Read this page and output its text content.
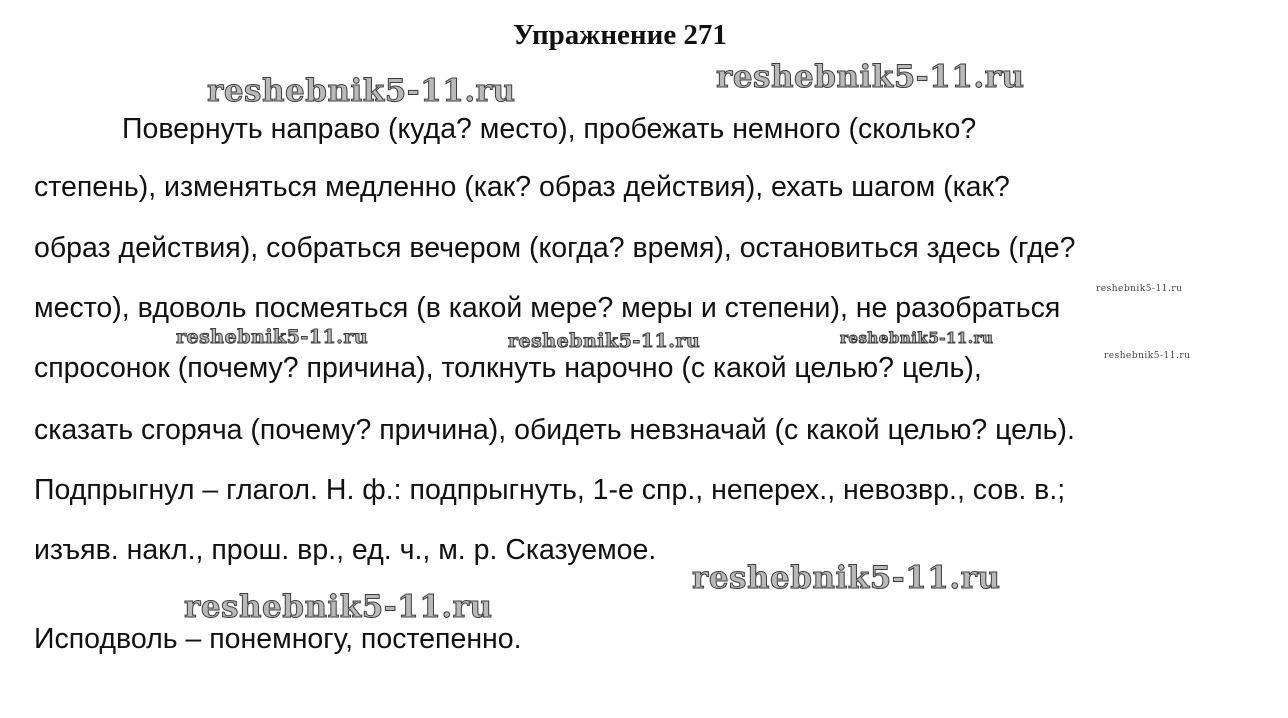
Упражнение 271
Повернуть направо (куда? место), пробежать немного (сколько?
степень), изменяться медленно (как? образ действия), ехать шагом (как?
образ действия), собраться вечером (когда? время), остановиться здесь (где?
место), вдоволь посмеяться (в какой мере? меры и степени), не разобраться
спросонок (почему? причина), толкнуть нарочно (с какой целью? цель),
сказать сгоряча (почему? причина), обидеть невзначай (с какой целью? цель).
Подпрыгнул – глагол. Н. ф.: подпрыгнуть, 1-е спр., неперех., невозвр., сов. в.;
изъяв. накл., прош. вр., ед. ч., м. р. Сказуемое.
Исподволь – понемногу, постепенно.
reshebnik5-11.ru	reshebnik5-11.ru
reshebnik5-11.ru	reshebnik5-11.ru	reshebnik5-11.ru
reshebnik5-11.ru
reshebnik5-11.ru
reshebnik5-11.ru
reshebnik5-11.ru
